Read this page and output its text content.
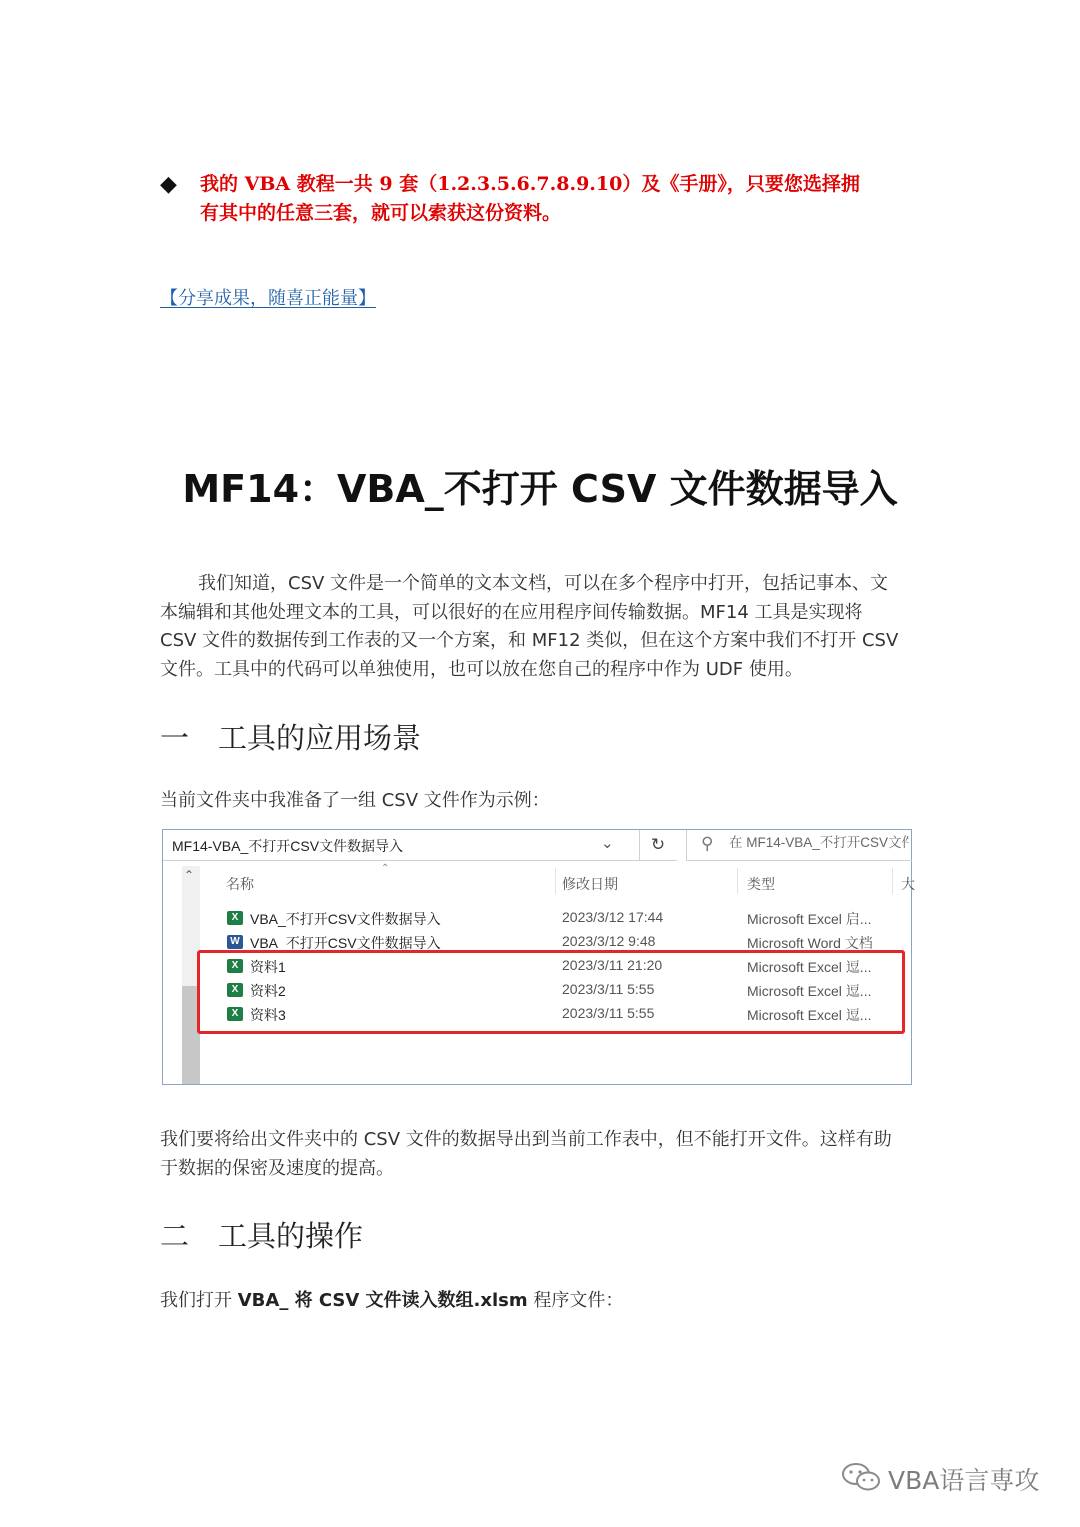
◆ 我的 VBA 教程一共 9 套（1.2.3.5.6.7.8.9.10）及《手册》，只要您选择拥

有其中的任意三套，就可以索获这份资料。

【分享成果，随喜正能量】
MF14：VBA_不打开 CSV 文件数据导入
我们知道，CSV 文件是一个简单的文本文档，可以在多个程序中打开，包括记事本、文
本编辑和其他处理文本的工具，可以很好的在应用程序间传输数据。MF14 工具是实现将
CSV 文件的数据传到工作表的又一个方案，和 MF12 类似，但在这个方案中我们不打开 CSV
文件。工具中的代码可以单独使用，也可以放在您自己的程序中作为 UDF 使用。
一 工具的应用场景
当前文件夹中我准备了一组 CSV 文件作为示例：
MF14-VBA_不打开CSV文件数据导入	⌄	↻	⚲
在 MF14-VBA_不打开CSV文件数据导入 中搜索
⌃	⌃
名称	修改日期	类型	大
X VBA_不打开CSV文件数据导入	2023/3/12 17:44	Microsoft Excel 启...
W VBA_不打开CSV文件数据导入	2023/3/12 9:48	Microsoft Word 文档
X 资料1	2023/3/11 21:20	Microsoft Excel 逗...
X 资料2	2023/3/11 5:55	Microsoft Excel 逗...
X 资料3	2023/3/11 5:55	Microsoft Excel 逗...
我们要将给出文件夹中的 CSV 文件的数据导出到当前工作表中，但不能打开文件。这样有助
于数据的保密及速度的提高。
二 工具的操作
我们打开 VBA_ 将 CSV 文件读入数组.xlsm 程序文件：
VBA语言専攻
